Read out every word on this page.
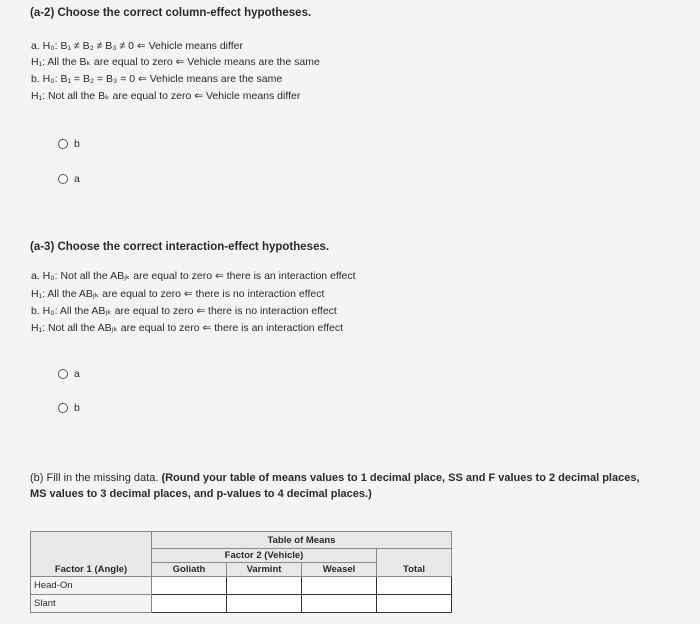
(a-2) Choose the correct column-effect hypotheses.
a. H₀: B₁ ≠ B₂ ≠ B₃ ≠ 0 ⇐ Vehicle means differ
H₁: All the Bₖ are equal to zero ⇐ Vehicle means are the same
b. H₀: B₁ = B₂ = B₃ = 0 ⇐ Vehicle means are the same
H₁: Not all the Bₖ are equal to zero ⇐ Vehicle means differ
b
a
(a-3) Choose the correct interaction-effect hypotheses.
a. H₀: Not all the ABⱼₖ are equal to zero ⇐ there is an interaction effect
H₁: All the ABⱼₖ are equal to zero ⇐ there is no interaction effect
b. H₀: All the ABⱼₖ are equal to zero ⇐ there is no interaction effect
H₁: Not all the ABⱼₖ are equal to zero ⇐ there is an interaction effect
a
b
(b) Fill in the missing data. (Round your table of means values to 1 decimal place, SS and F values to 2 decimal places, MS values to 3 decimal places, and p-values to 4 decimal places.)
	Table of Means			
	Factor 2 (Vehicle)			
Factor 1 (Angle)	Goliath	Varmint	Weasel	Total
Head-On				
Slant				
